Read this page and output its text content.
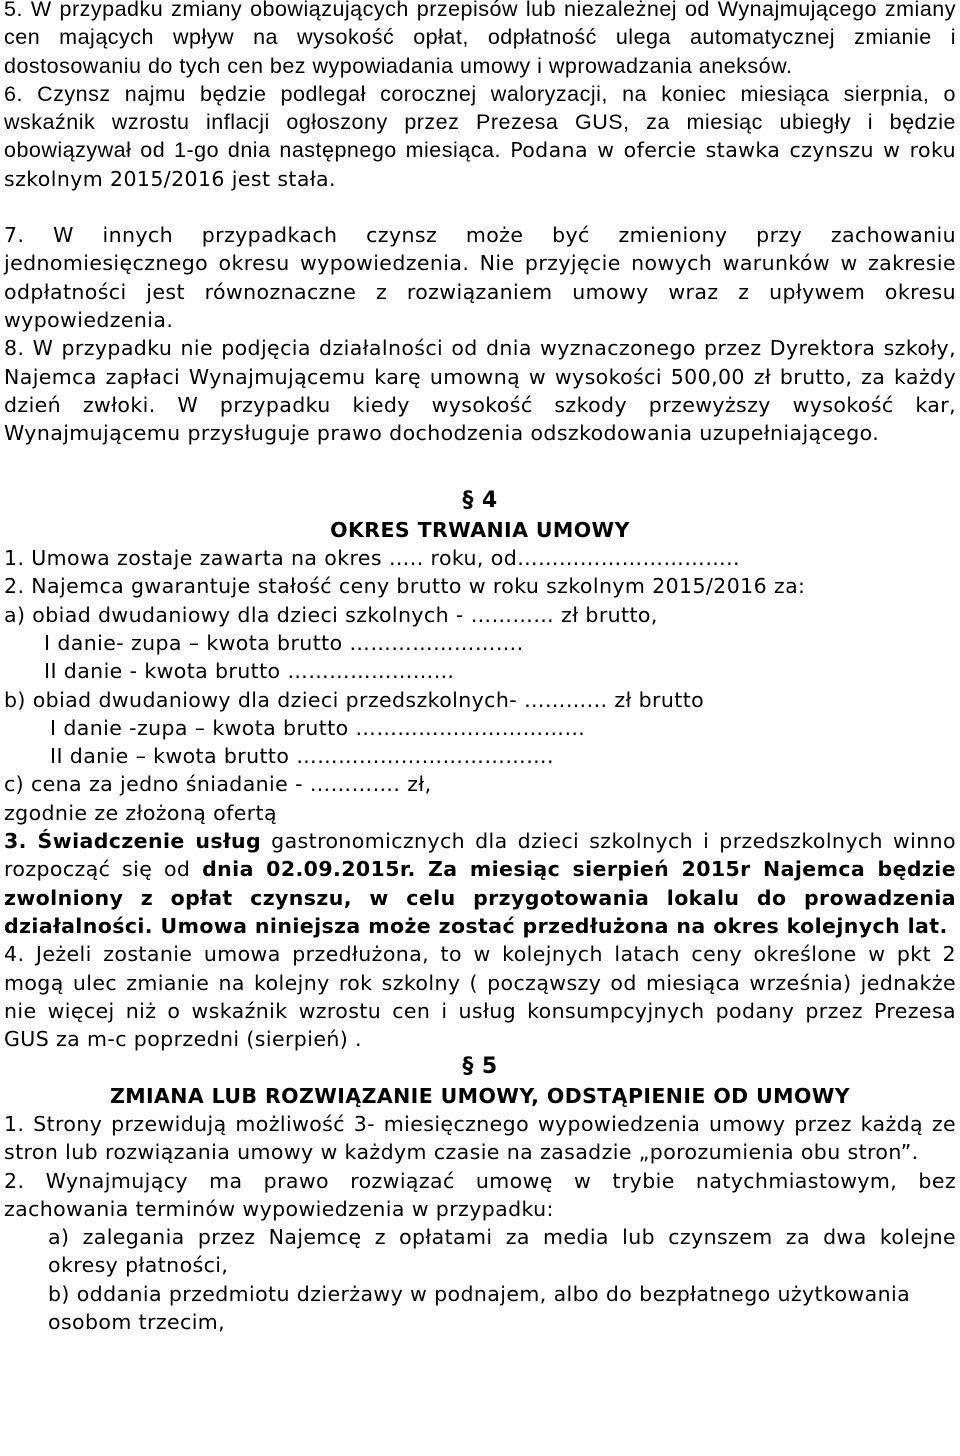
5. W przypadku zmiany obowiązujących przepisów lub niezależnej od Wynajmującego zmiany cen mających wpływ na wysokość opłat, odpłatność ulega automatycznej zmianie i dostosowaniu do tych cen bez wypowiadania umowy i wprowadzania aneksów.

6. Czynsz najmu będzie podlegał corocznej waloryzacji, na koniec miesiąca sierpnia, o wskaźnik wzrostu inflacji ogłoszony przez Prezesa GUS, za miesiąc ubiegły i będzie obowiązywał od 1-go dnia następnego miesiąca. Podana w ofercie stawka czynszu w roku szkolnym 2015/2016 jest stała.

7. W innych przypadkach czynsz może być zmieniony przy zachowaniu jednomiesięcznego okresu wypowiedzenia. Nie przyjęcie nowych warunków w zakresie odpłatności jest równoznaczne z rozwiązaniem umowy wraz z upływem okresu wypowiedzenia.

8. W przypadku nie podjęcia działalności od dnia wyznaczonego przez Dyrektora szkoły, Najemca zapłaci Wynajmującemu karę umowną w wysokości 500,00 zł brutto, za każdy dzień zwłoki. W przypadku kiedy wysokość szkody przewyższy wysokość kar, Wynajmującemu przysługuje prawo dochodzenia odszkodowania uzupełniającego.

§ 4

OKRES TRWANIA UMOWY

1. Umowa zostaje zawarta na okres ….. roku, od…………………………..

2. Najemca gwarantuje stałość ceny brutto w roku szkolnym 2015/2016 za:

a) obiad dwudaniowy dla dzieci szkolnych - ………… zł brutto,

I danie- zupa – kwota brutto …………………….

II danie - kwota brutto ……………………

b) obiad dwudaniowy dla dzieci przedszkolnych- ………... zł brutto

I danie -zupa – kwota brutto ……………………………

II danie – kwota brutto ……………………………….

c) cena za jedno śniadanie - …………. zł,

zgodnie ze złożoną ofertą

3. Świadczenie usług gastronomicznych dla dzieci szkolnych i przedszkolnych winno rozpocząć się od dnia 02.09.2015r. Za miesiąc sierpień 2015r Najemca będzie zwolniony z opłat czynszu, w celu przygotowania lokalu do prowadzenia działalności. Umowa niniejsza może zostać przedłużona na okres kolejnych lat.

4. Jeżeli zostanie umowa przedłużona, to w kolejnych latach ceny określone w pkt 2 mogą ulec zmianie na kolejny rok szkolny ( począwszy od miesiąca września) jednakże nie więcej niż o wskaźnik wzrostu cen i usług konsumpcyjnych podany przez Prezesa GUS za m-c poprzedni (sierpień) .

§ 5

ZMIANA LUB ROZWIĄZANIE UMOWY, ODSTĄPIENIE OD UMOWY

1. Strony przewidują możliwość 3- miesięcznego wypowiedzenia umowy przez każdą ze stron lub rozwiązania umowy w każdym czasie na zasadzie „porozumienia obu stron”.

2. Wynajmujący ma prawo rozwiązać umowę w trybie natychmiastowym, bez zachowania terminów wypowiedzenia w przypadku:

a) zalegania przez Najemcę z opłatami za media lub czynszem za dwa kolejne okresy płatności,

b) oddania przedmiotu dzierżawy w podnajem, albo do bezpłatnego użytkowania

osobom trzecim,
